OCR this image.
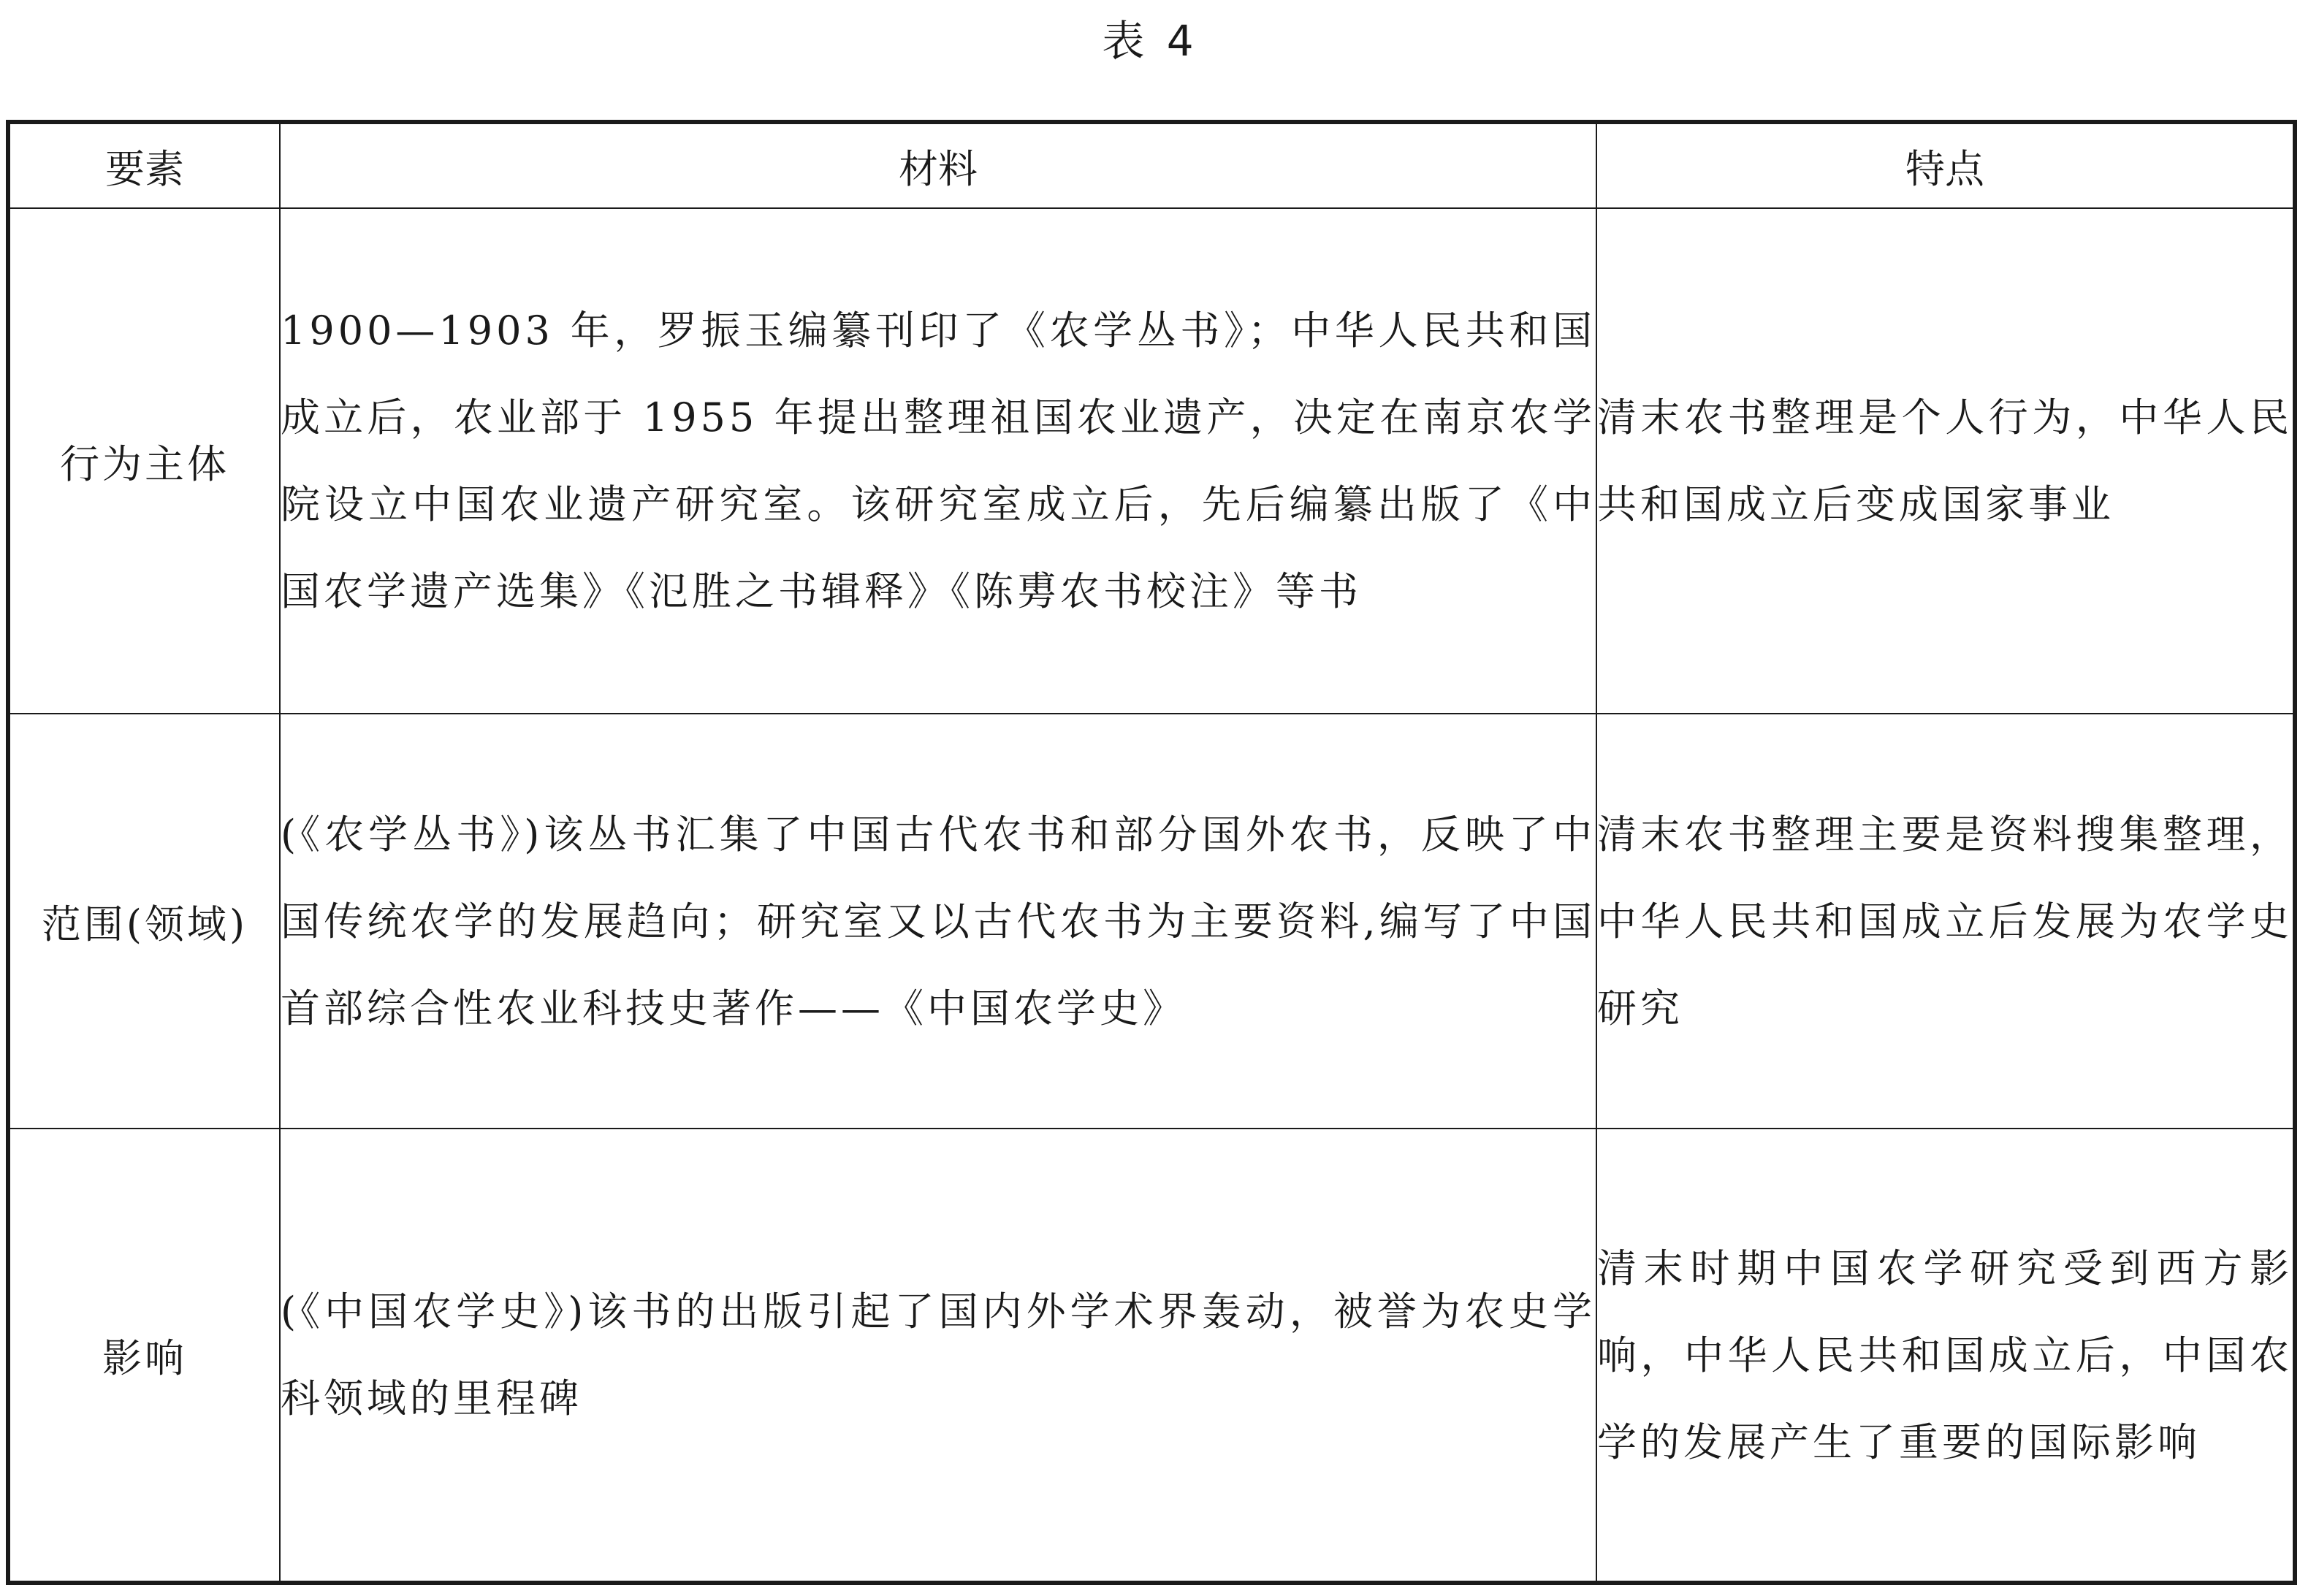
表 4
要素	材料	特点
行为主体	1900—1903 年，罗振玉编纂刊印了《农学丛书》；中华人民共和国成立后，农业部于 1955 年提出整理祖国农业遗产，决定在南京农学院设立中国农业遗产研究室。该研究室成立后，先后编纂出版了《中国农学遗产选集》《氾胜之书辑释》《陈旉农书校注》等书	清末农书整理是个人行为，中华人民共和国成立后变成国家事业
范围(领域)	(《农学丛书》)该丛书汇集了中国古代农书和部分国外农书，反映了中国传统农学的发展趋向；研究室又以古代农书为主要资料,编写了中国首部综合性农业科技史著作——《中国农学史》	清末农书整理主要是资料搜集整理，中华人民共和国成立后发展为农学史研究
影响	(《中国农学史》)该书的出版引起了国内外学术界轰动，被誉为农史学科领域的里程碑	清末时期中国农学研究受到西方影响，中华人民共和国成立后，中国农学的发展产生了重要的国际影响
